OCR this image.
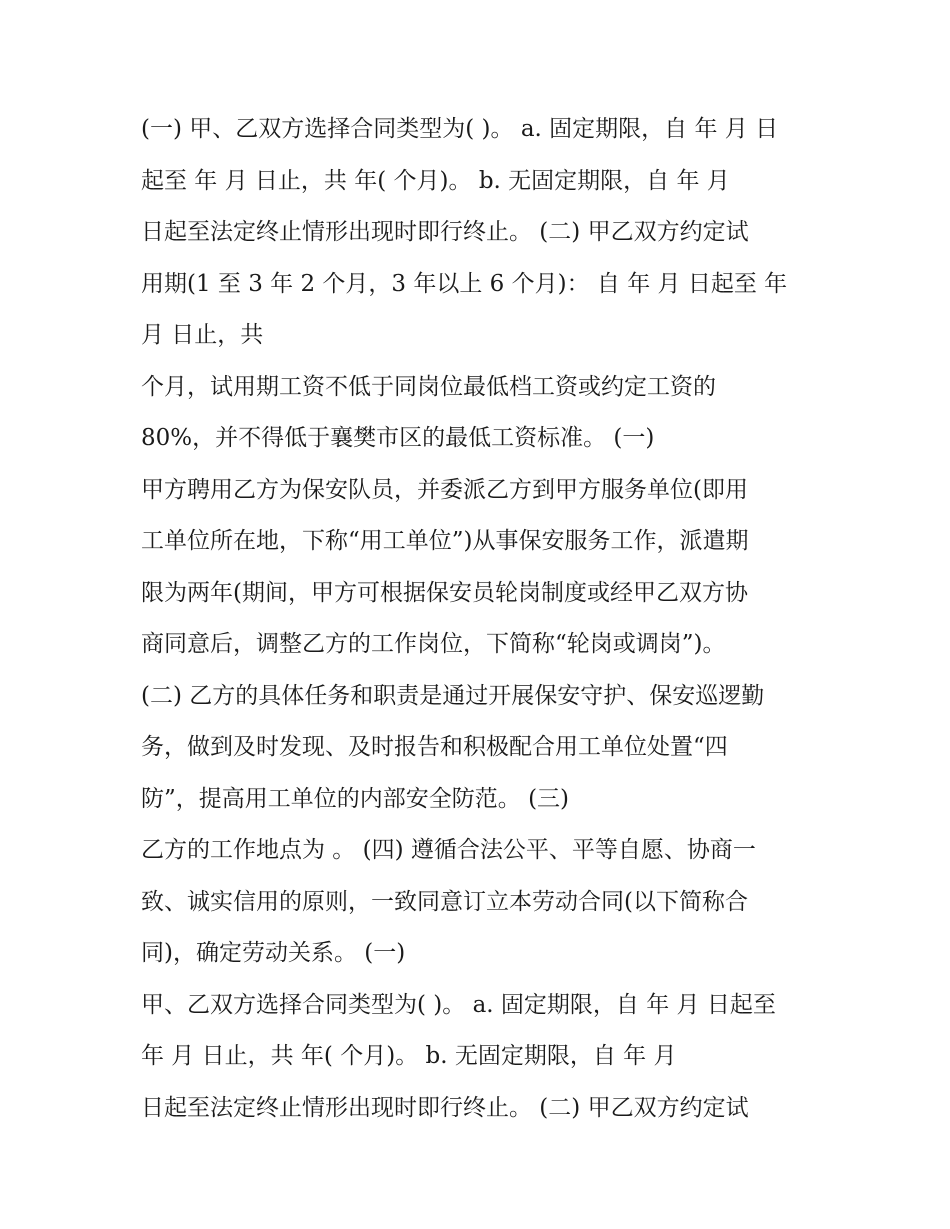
(一) 甲、乙双方选择合同类型为( )。 a. 固定期限，自 年 月 日
起至 年 月 日止，共 年( 个月)。 b. 无固定期限，自 年 月
日起至法定终止情形出现时即行终止。 (二) 甲乙双方约定试
用期(1 至 3 年 2 个月，3 年以上 6 个月)： 自 年 月 日起至 年
月 日止，共
个月，试用期工资不低于同岗位最低档工资或约定工资的
80%，并不得低于襄樊市区的最低工资标准。 (一)
甲方聘用乙方为保安队员，并委派乙方到甲方服务单位(即用
工单位所在地，下称“用工单位”)从事保安服务工作，派遣期
限为两年(期间，甲方可根据保安员轮岗制度或经甲乙双方协
商同意后，调整乙方的工作岗位，下简称“轮岗或调岗”)。
(二) 乙方的具体任务和职责是通过开展保安守护、保安巡逻勤
务，做到及时发现、及时报告和积极配合用工单位处置“四
防”，提高用工单位的内部安全防范。 (三)
乙方的工作地点为 。 (四) 遵循合法公平、平等自愿、协商一
致、诚实信用的原则，一致同意订立本劳动合同(以下简称合
同)，确定劳动关系。 (一)
甲、乙双方选择合同类型为( )。 a. 固定期限，自 年 月 日起至
年 月 日止，共 年( 个月)。 b. 无固定期限，自 年 月
日起至法定终止情形出现时即行终止。 (二) 甲乙双方约定试
